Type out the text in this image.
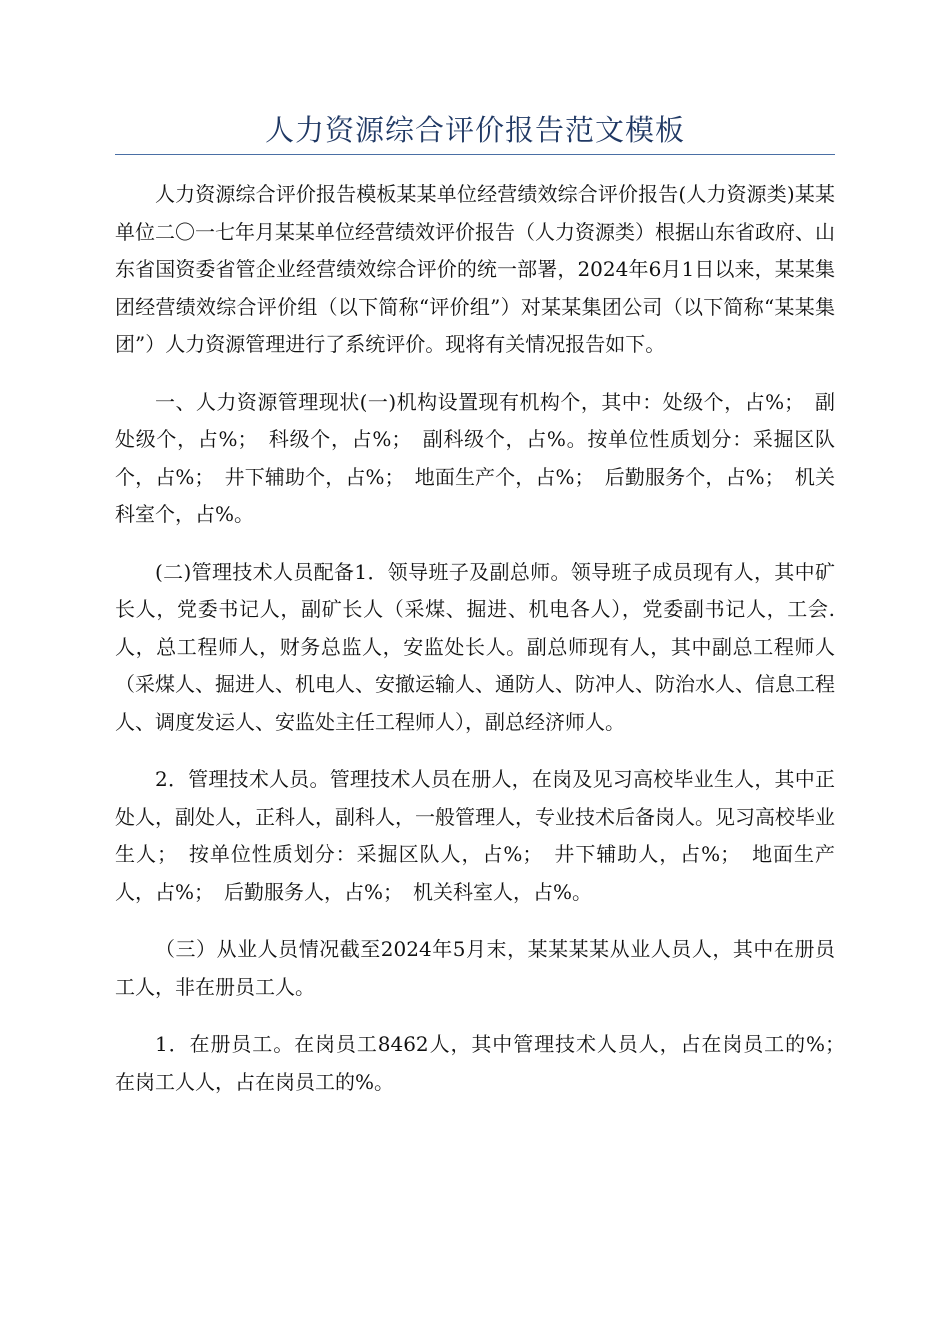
人力资源综合评价报告范文模板

人力资源综合评价报告模板某某单位经营绩效综合评价报告(人力资源类)某某单位二〇一七年月某某单位经营绩效评价报告（人力资源类）根据山东省政府、山东省国资委省管企业经营绩效综合评价的统一部署，2024年6月1日以来，某某集团经营绩效综合评价组（以下简称“评价组”）对某某集团公司（以下简称“某某集团”）人力资源管理进行了系统评价。现将有关情况报告如下。

一、人力资源管理现状(一)机构设置现有机构个，其中：处级个，占%；　副处级个，占%；　科级个，占%；　副科级个，占%。按单位性质划分：采掘区队个，占%；　井下辅助个，占%；　地面生产个，占%；　后勤服务个，占%；　机关科室个，占%。

(二)管理技术人员配备1．领导班子及副总师。领导班子成员现有人，其中矿长人，党委书记人，副矿长人（采煤、掘进、机电各人），党委副书记人，工会.人，总工程师人，财务总监人，安监处长人。副总师现有人，其中副总工程师人（采煤人、掘进人、机电人、安撤运输人、通防人、防冲人、防治水人、信息工程人、调度发运人、安监处主任工程师人），副总经济师人。

2．管理技术人员。管理技术人员在册人，在岗及见习高校毕业生人，其中正处人，副处人，正科人，副科人，一般管理人，专业技术后备岗人。见习高校毕业生人；　按单位性质划分：采掘区队人，占%；　井下辅助人，占%；　地面生产人，占%；　后勤服务人，占%；　机关科室人，占%。

（三）从业人员情况截至2024年5月末，某某某某从业人员人，其中在册员工人，非在册员工人。

1．在册员工。在岗员工8462人，其中管理技术人员人，占在岗员工的%；　在岗工人人，占在岗员工的%。
